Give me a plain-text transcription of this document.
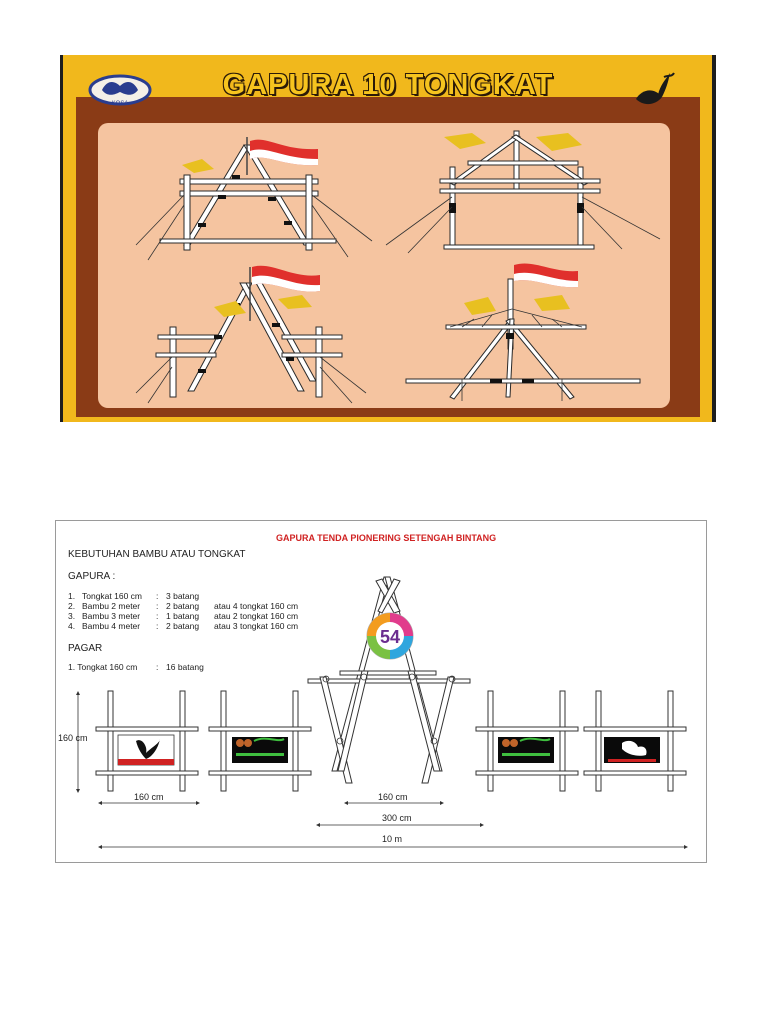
GAPURA 10 TONGKAT
KOSA
GAPURA TENDA PIONERING SETENGAH BINTANG
KEBUTUHAN BAMBU ATAU TONGKAT
GAPURA :
1. Tongkat 160 cm : 3 batang
2. Bambu 2 meter : 2 batang atau 4 tongkat 160 cm
3. Bambu 3 meter : 1 batang atau 2 tongkat 160 cm
4. Bambu 4 meter : 2 batang atau 3 tongkat 160 cm
PAGAR
1. Tongkat 160 cm : 16 batang
54
160 cm
160 cm	160 cm
300 cm
10 m
